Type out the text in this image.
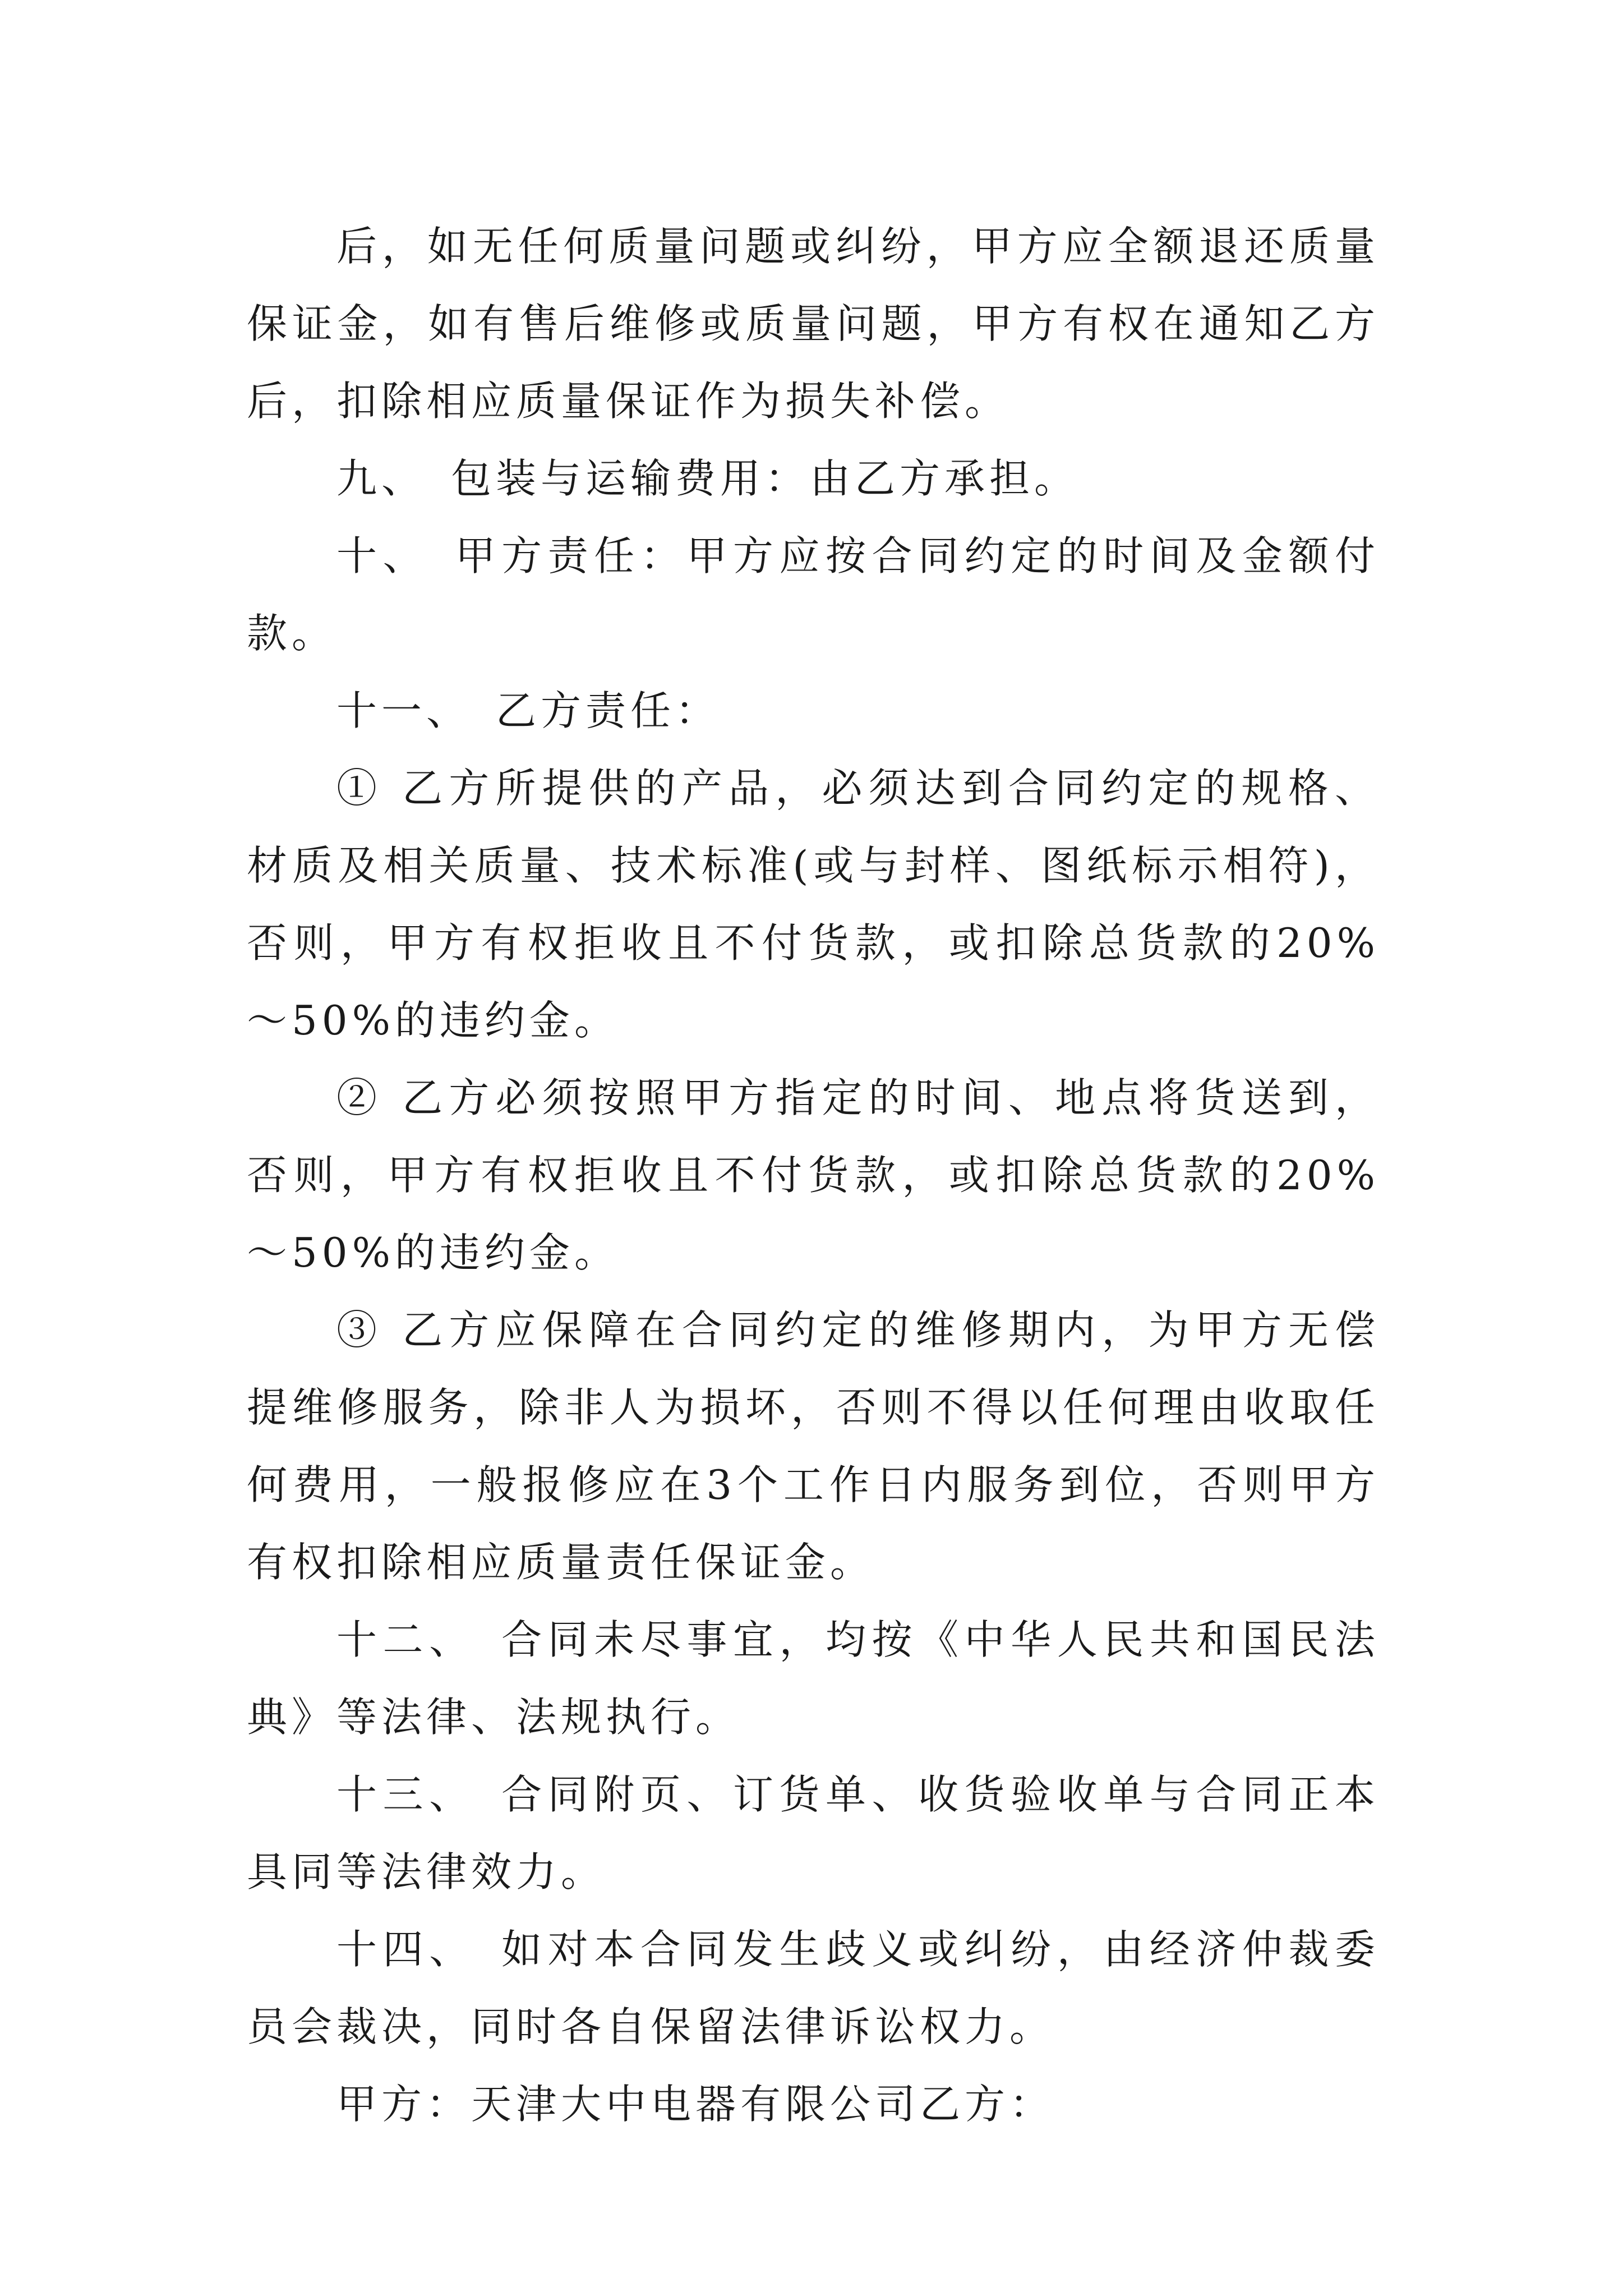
后，如无任何质量问题或纠纷，甲方应全额退还质量保证金，如有售后维修或质量问题，甲方有权在通知乙方后，扣除相应质量保证作为损失补偿。

九、　包装与运输费用：由乙方承担。

十、　甲方责任：甲方应按合同约定的时间及金额付款。

十一、　乙方责任：

① 乙方所提供的产品，必须达到合同约定的规格、材质及相关质量、技术标准(或与封样、图纸标示相符)，否则，甲方有权拒收且不付货款，或扣除总货款的20%～50%的违约金。

② 乙方必须按照甲方指定的时间、地点将货送到，否则，甲方有权拒收且不付货款，或扣除总货款的20%～50%的违约金。

③ 乙方应保障在合同约定的维修期内，为甲方无偿提维修服务，除非人为损坏，否则不得以任何理由收取任何费用，一般报修应在3个工作日内服务到位，否则甲方有权扣除相应质量责任保证金。

十二、　合同未尽事宜，均按《中华人民共和国民法典》等法律、法规执行。

十三、　合同附页、订货单、收货验收单与合同正本具同等法律效力。

十四、　如对本合同发生歧义或纠纷，由经济仲裁委员会裁决，同时各自保留法律诉讼权力。

甲方：天津大中电器有限公司乙方：
